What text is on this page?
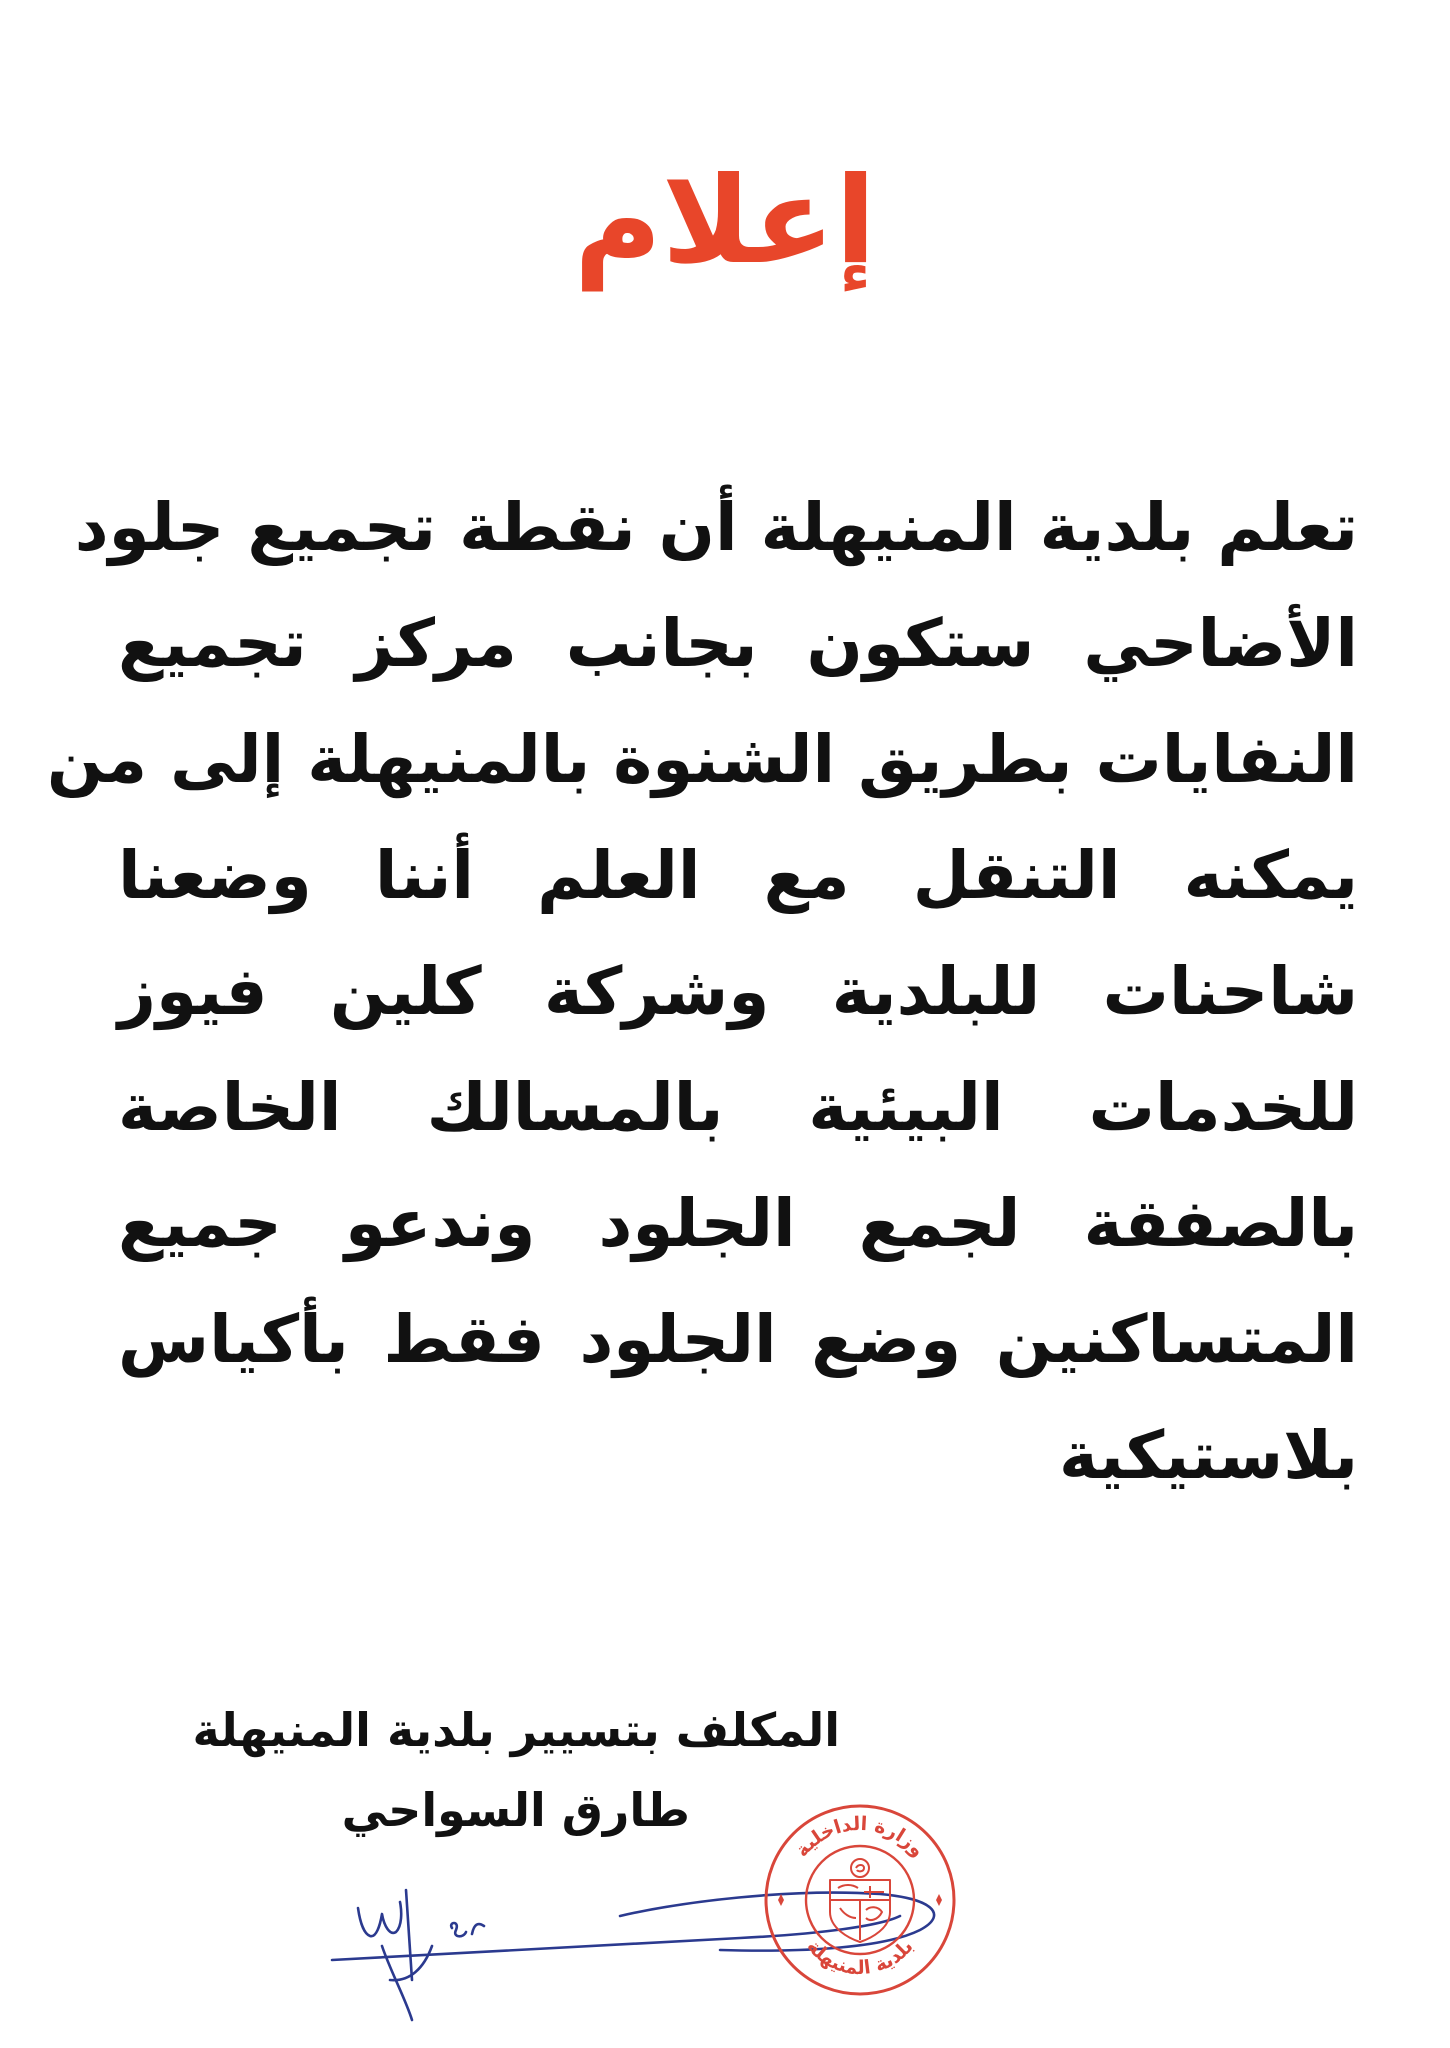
إعلام
تعلم بلدية المنيهلة أن نقطة تجميع جلود
الأضاحي ستكون بجانب مركز تجميع
النفايات بطريق الشنوة بالمنيهلة إلى من
يمكنه التنقل مع العلم أننا وضعنا
شاحنات للبلدية وشركة كلين فيوز
للخدمات البيئية بالمسالك الخاصة
بالصفقة لجمع الجلود وندعو جميع
المتساكنين وضع الجلود فقط بأكياس
بلاستيكية
المكلف بتسيير بلدية المنيهلة
طارق السواحي
وزارة الداخلية
بلدية المنيهلة
